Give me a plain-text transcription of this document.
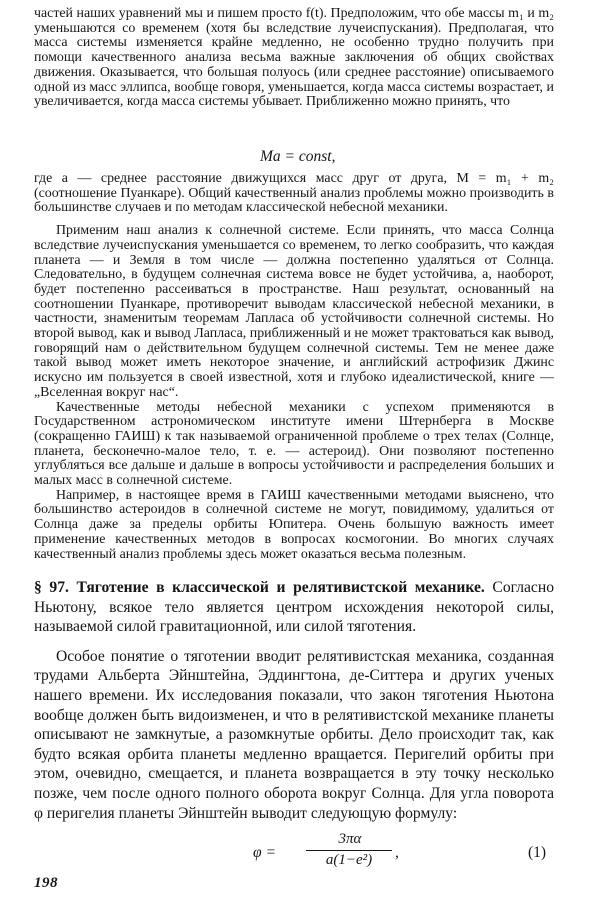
частей наших уравнений мы и пишем просто f(t). Предположим, что обе массы m₁ и m₂ уменьшаются со временем (хотя бы вследствие лучеиспускания). Предполагая, что масса системы изменяется крайне медленно, не особенно трудно получить при помощи качественного анализа весьма важные заключения об общих свойствах движения. Оказывается, что большая полуось (или среднее расстояние) описываемого одной из масс эллипса, вообще говоря, уменьшается, когда масса системы возрастает, и увеличивается, когда масса системы убывает. Приближенно можно принять, что

Ma = const,

где a — среднее расстояние движущихся масс друг от друга, M = m₁ + m₂ (соотношение Пуанкаре). Общий качественный анализ проблемы можно производить в большинстве случаев и по методам классической небесной механики.

Применим наш анализ к солнечной системе. Если принять, что масса Солнца вследствие лучеиспускания уменьшается со временем, то легко сообразить, что каждая планета — и Земля в том числе — должна постепенно удаляться от Солнца. Следовательно, в будущем солнечная система вовсе не будет устойчива, а, наоборот, будет постепенно рассеиваться в пространстве. Наш результат, основанный на соотношении Пуанкаре, противоречит выводам классической небесной механики, в частности, знаменитым теоремам Лапласа об устойчивости солнечной системы. Но второй вывод, как и вывод Лапласа, приближенный и не может трактоваться как вывод, говорящий нам о действительном будущем солнечной системы. Тем не менее даже такой вывод может иметь некоторое значение, и английский астрофизик Джинс искусно им пользуется в своей известной, хотя и глубоко идеалистической, книге — „Вселенная вокруг нас“.

Качественные методы небесной механики с успехом применяются в Государственном астрономическом институте имени Штернберга в Москве (сокращенно ГАИШ) к так называемой ограниченной проблеме о трех телах (Солнце, планета, бесконечно-малое тело, т. е. — астероид). Они позволяют постепенно углубляться все дальше и дальше в вопросы устойчивости и распределения больших и малых масс в солнечной системе.

Например, в настоящее время в ГАИШ качественными методами выяснено, что большинство астероидов в солнечной системе не могут, повидимому, удалиться от Солнца даже за пределы орбиты Юпитера. Очень большую важность имеет применение качественных методов в вопросах космогонии. Во многих случаях качественный анализ проблемы здесь может оказаться весьма полезным.

§ 97. Тяготение в классической и релятивистской механике. Согласно Ньютону, всякое тело является центром исхождения некоторой силы, называемой силой гравитационной, или силой тяготения.

Особое понятие о тяготении вводит релятивистская механика, созданная трудами Альберта Эйнштейна, Эддингтона, де-Ситтера и других ученых нашего времени. Их исследования показали, что закон тяготения Ньютона вообще должен быть видоизменен, и что в релятивистской механике планеты описывают не замкнутые, а разомкнутые орбиты. Дело происходит так, как будто всякая орбита планеты медленно вращается. Перигелий орбиты при этом, очевидно, смещается, и планета возвращается в эту точку несколько позже, чем после одного полного оборота вокруг Солнца. Для угла поворота φ перигелия планеты Эйнштейн выводит следующую формулу:

φ =
3πα
a(1−e²)	,	(1)
198
